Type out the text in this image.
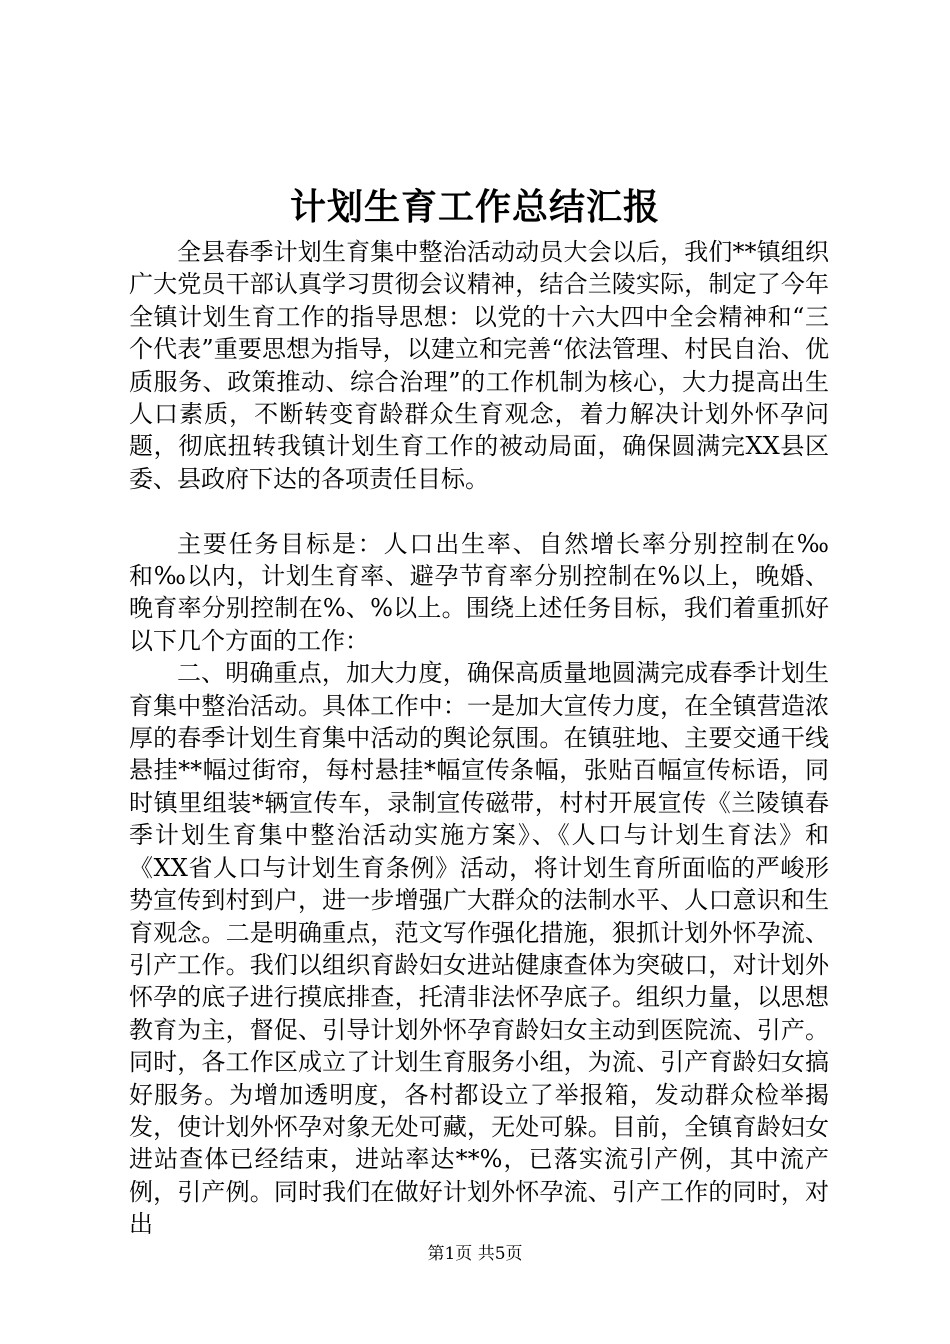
计划生育工作总结汇报

全县春季计划生育集中整治活动动员大会以后，我们**镇组织广大党员干部认真学习贯彻会议精神，结合兰陵实际，制定了今年全镇计划生育工作的指导思想：以党的十六大四中全会精神和“三个代表”重要思想为指导，以建立和完善“依法管理、村民自治、优质服务、政策推动、综合治理”的工作机制为核心，大力提高出生人口素质，不断转变育龄群众生育观念，着力解决计划外怀孕问题，彻底扭转我镇计划生育工作的被动局面，确保圆满完XX县区委、县政府下达的各项责任目标。

主要任务目标是：人口出生率、自然增长率分别控制在‰和‰以内，计划生育率、避孕节育率分别控制在%以上，晚婚、晚育率分别控制在%、%以上。围绕上述任务目标，我们着重抓好以下几个方面的工作：

二、明确重点，加大力度，确保高质量地圆满完成春季计划生育集中整治活动。具体工作中：一是加大宣传力度，在全镇营造浓厚的春季计划生育集中活动的舆论氛围。在镇驻地、主要交通干线悬挂**幅过街帘，每村悬挂*幅宣传条幅，张贴百幅宣传标语，同时镇里组装*辆宣传车，录制宣传磁带，村村开展宣传《兰陵镇春季计划生育集中整治活动实施方案》、《人口与计划生育法》和《XX省人口与计划生育条例》活动，将计划生育所面临的严峻形势宣传到村到户，进一步增强广大群众的法制水平、人口意识和生育观念。二是明确重点，范文写作强化措施，狠抓计划外怀孕流、引产工作。我们以组织育龄妇女进站健康查体为突破口，对计划外怀孕的底子进行摸底排查，托清非法怀孕底子。组织力量，以思想教育为主，督促、引导计划外怀孕育龄妇女主动到医院流、引产。同时，各工作区成立了计划生育服务小组，为流、引产育龄妇女搞好服务。为增加透明度，各村都设立了举报箱，发动群众检举揭发，使计划外怀孕对象无处可藏，无处可躲。目前，全镇育龄妇女进站查体已经结束，进站率达**%，已落实流引产例，其中流产例，引产例。同时我们在做好计划外怀孕流、引产工作的同时，对出

第1页 共5页
